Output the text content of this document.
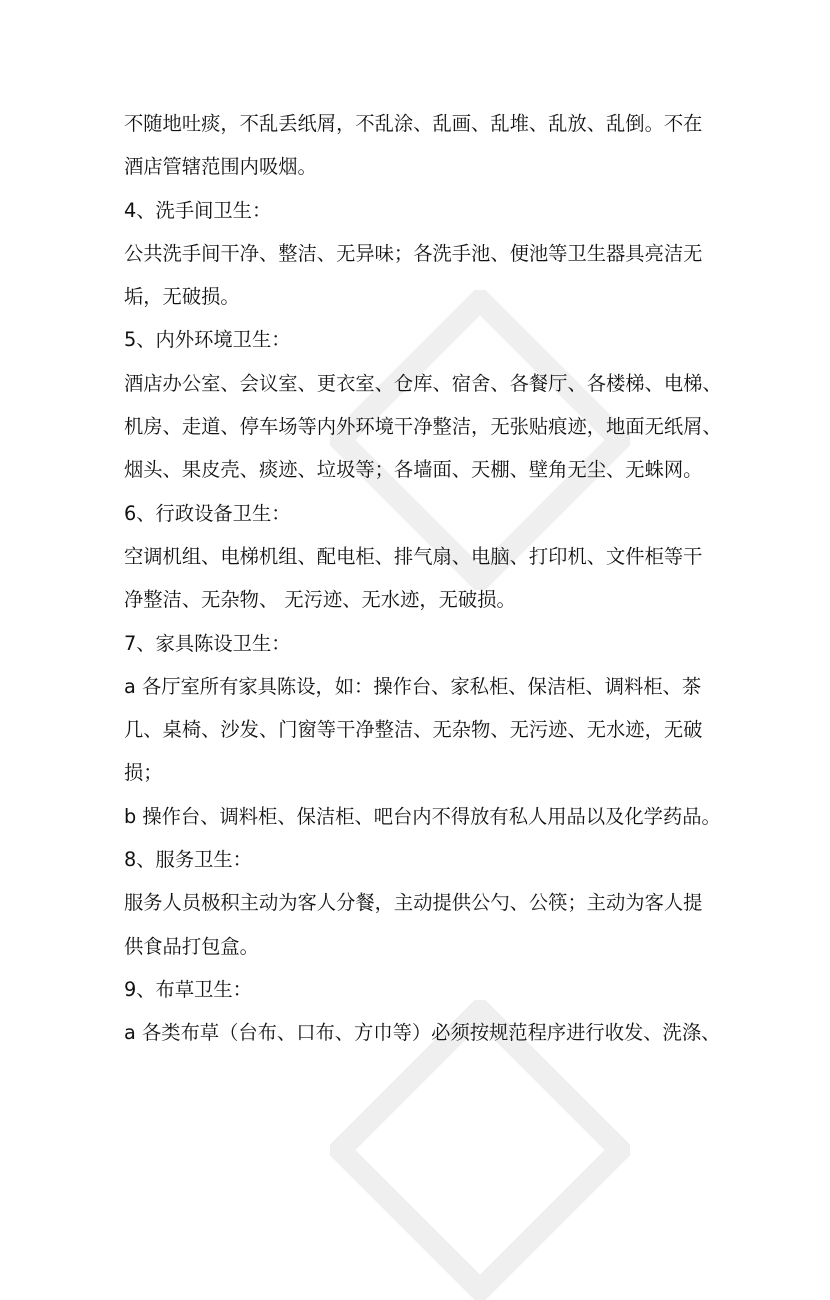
不随地吐痰，不乱丢纸屑，不乱涂、乱画、乱堆、乱放、乱倒。不在
酒店管辖范围内吸烟。
4、洗手间卫生：
公共洗手间干净、整洁、无异味；各洗手池、便池等卫生器具亮洁无
垢，无破损。
5、内外环境卫生：
酒店办公室、会议室、更衣室、仓库、宿舍、各餐厅、各楼梯、电梯、
机房、走道、停车场等内外环境干净整洁，无张贴痕迹，地面无纸屑、
烟头、果皮壳、痰迹、垃圾等；各墙面、天棚、壁角无尘、无蛛网。
6、行政设备卫生：
空调机组、电梯机组、配电柜、排气扇、电脑、打印机、文件柜等干
净整洁、无杂物、 无污迹、无水迹，无破损。
7、家具陈设卫生：
a 各厅室所有家具陈设，如：操作台、家私柜、保洁柜、调料柜、茶
几、桌椅、沙发、门窗等干净整洁、无杂物、无污迹、无水迹，无破
损；
b 操作台、调料柜、保洁柜、吧台内不得放有私人用品以及化学药品。
8、服务卫生：
服务人员极积主动为客人分餐，主动提供公勺、公筷；主动为客人提
供食品打包盒。
9、布草卫生：
a 各类布草（台布、口布、方巾等）必须按规范程序进行收发、洗涤、
